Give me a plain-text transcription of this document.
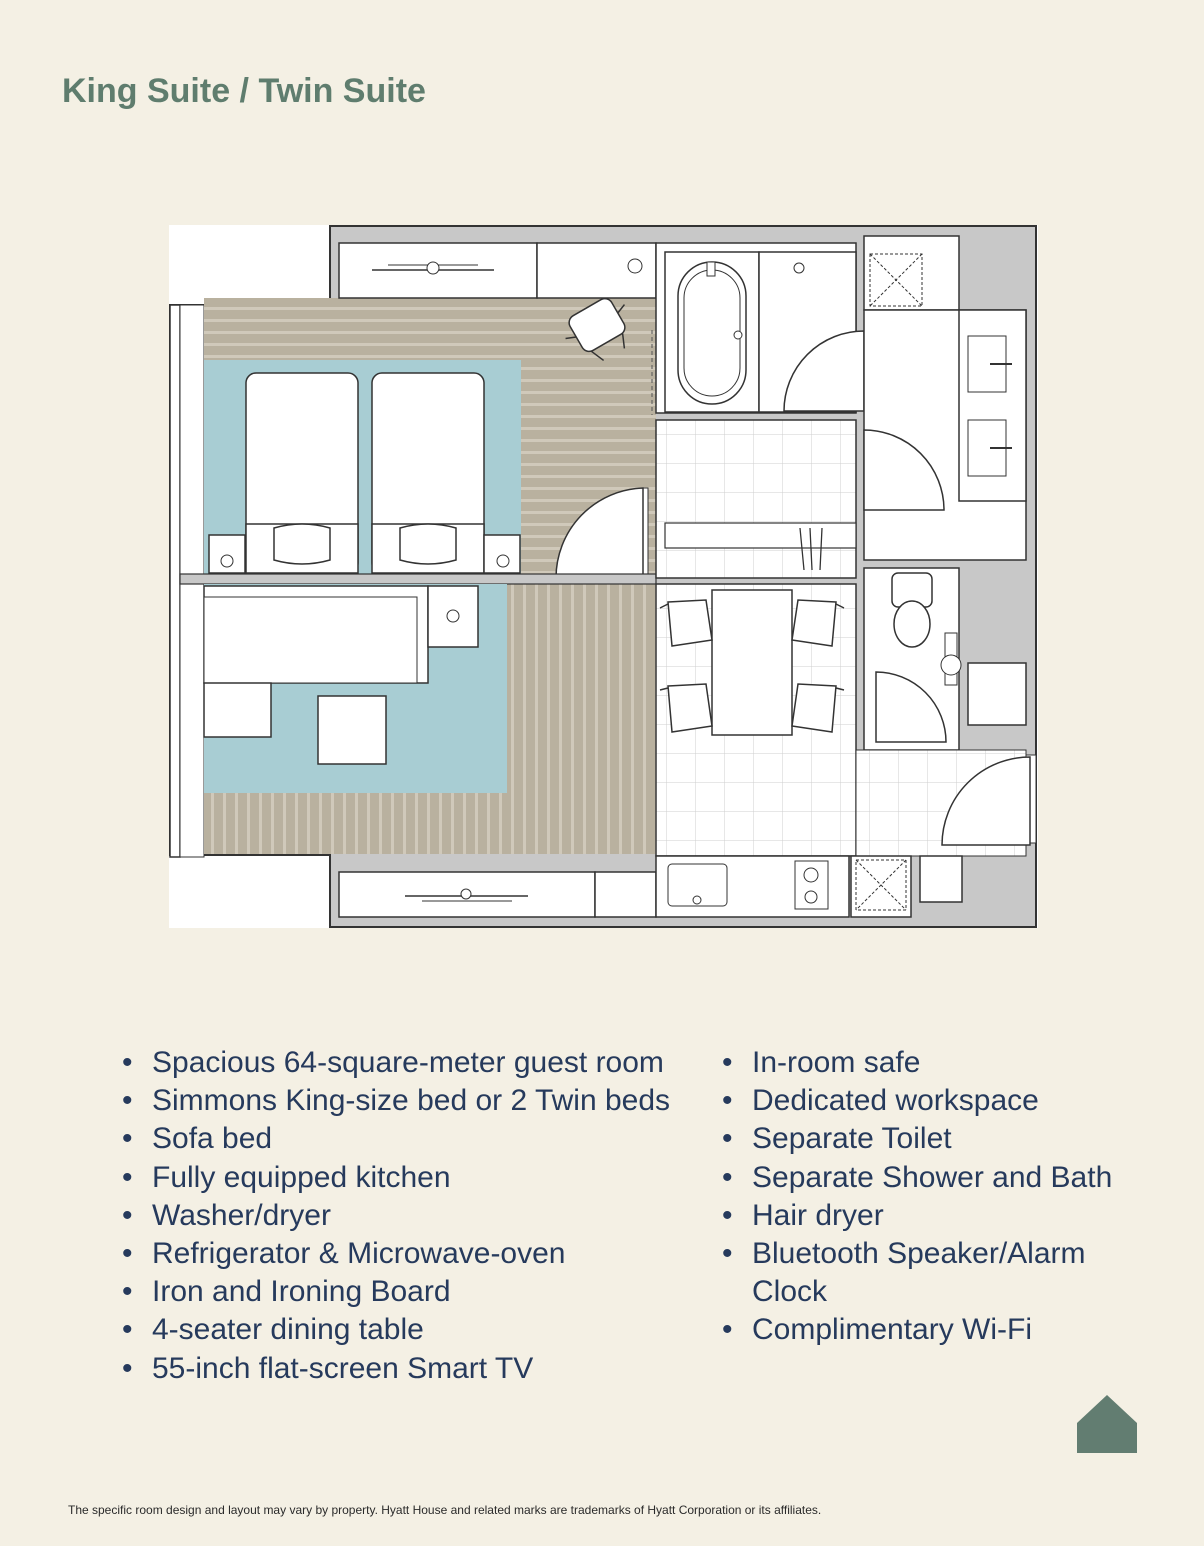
King Suite / Twin Suite
• Spacious 64-square-meter guest room
• Simmons King-size bed or 2 Twin beds
• Sofa bed
• Fully equipped kitchen
• Washer/dryer
• Refrigerator & Microwave-oven
• Iron and Ironing Board
• 4-seater dining table
• 55-inch flat-screen Smart TV
• In-room safe
• Dedicated workspace
• Separate Toilet
• Separate Shower and Bath
• Hair dryer
• Bluetooth Speaker/Alarm Clock
• Complimentary Wi-Fi
The specific room design and layout may vary by property. Hyatt House and related marks are trademarks of Hyatt Corporation or its affiliates.
